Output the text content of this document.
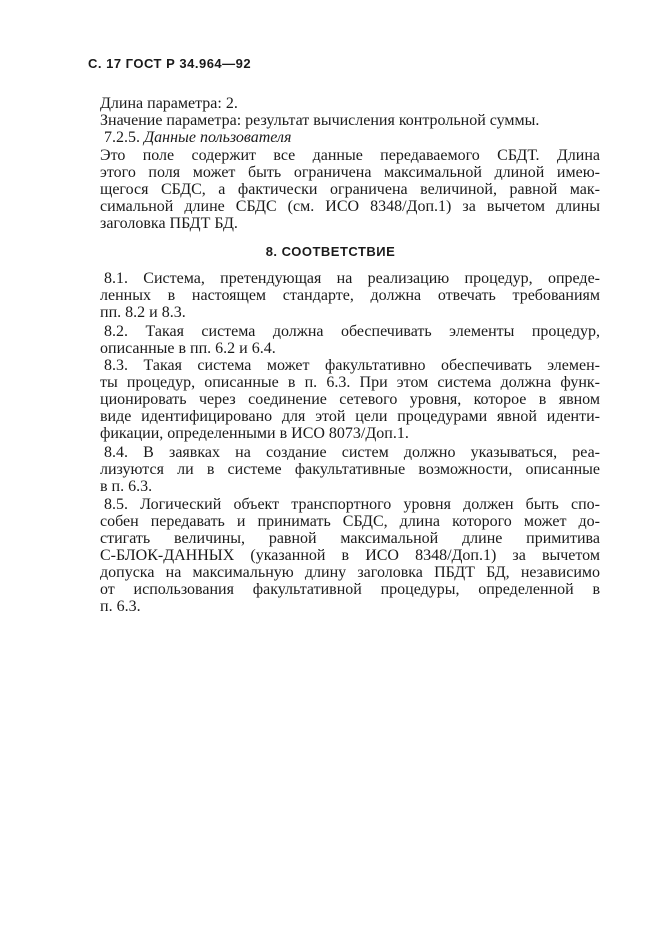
С. 17 ГОСТ Р 34.964—92
Длина параметра: 2.
Значение параметра: результат вычисления контрольной суммы.
7.2.5. Данные пользователя
Это поле содержит все данные передаваемого СБДТ. Длина
этого поля может быть ограничена максимальной длиной имею-
щегося СБДС, а фактически ограничена величиной, равной мак-
симальной длине СБДС (см. ИСО 8348/Доп.1) за вычетом длины
заголовка ПБДТ БД.
8. СООТВЕТСТВИЕ
8.1. Система, претендующая на реализацию процедур, опреде-
ленных в настоящем стандарте, должна отвечать требованиям
пп. 8.2 и 8.3.
8.2. Такая система должна обеспечивать элементы процедур,
описанные в пп. 6.2 и 6.4.
8.3. Такая система может факультативно обеспечивать элемен-
ты процедур, описанные в п. 6.3. При этом система должна функ-
ционировать через соединение сетевого уровня, которое в явном
виде идентифицировано для этой цели процедурами явной иденти-
фикации, определенными в ИСО 8073/Доп.1.
8.4. В заявках на создание систем должно указываться, реа-
лизуются ли в системе факультативные возможности, описанные
в п. 6.3.
8.5. Логический объект транспортного уровня должен быть спо-
собен передавать и принимать СБДС, длина которого может до-
стигать величины, равной максимальной длине примитива
С-БЛОК-ДАННЫХ (указанной в ИСО 8348/Доп.1) за вычетом
допуска на максимальную длину заголовка ПБДТ БД, независимо
от использования факультативной процедуры, определенной в
п. 6.3.
